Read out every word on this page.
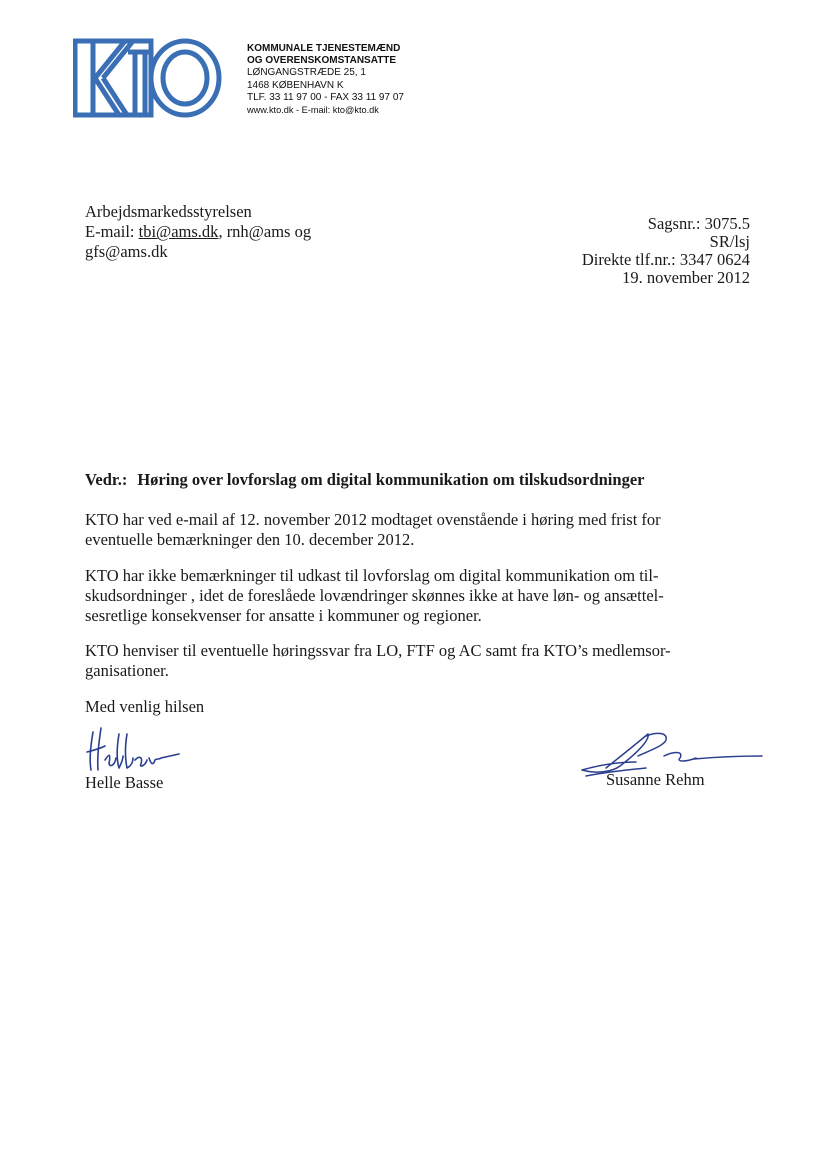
KOMMUNALE TJENESTEMÆND
OG OVERENSKOMSTANSATTE
LØNGANGSTRÆDE 25, 1
1468 KØBENHAVN K
TLF. 33 11 97 00 - FAX 33 11 97 07
www.kto.dk - E-mail: kto@kto.dk
Arbejdsmarkedsstyrelsen
E-mail: tbi@ams.dk, rnh@ams og
gfs@ams.dk
Sagsnr.: 3075.5
SR/lsj
Direkte tlf.nr.: 3347 0624
19. november 2012
Vedr.: Høring over lovforslag om digital kommunikation om tilskudsordninger
KTO har ved e-mail af 12. november 2012 modtaget ovenstående i høring med frist for
eventuelle bemærkninger den 10. december 2012.
KTO har ikke bemærkninger til udkast til lovforslag om digital kommunikation om til-
skudsordninger , idet de foreslåede lovændringer skønnes ikke at have løn- og ansættel-
sesretlige konsekvenser for ansatte i kommuner og regioner.
KTO henviser til eventuelle høringssvar fra LO, FTF og AC samt fra KTO’s medlemsor-
ganisationer.
Med venlig hilsen
Helle Basse	Susanne Rehm
